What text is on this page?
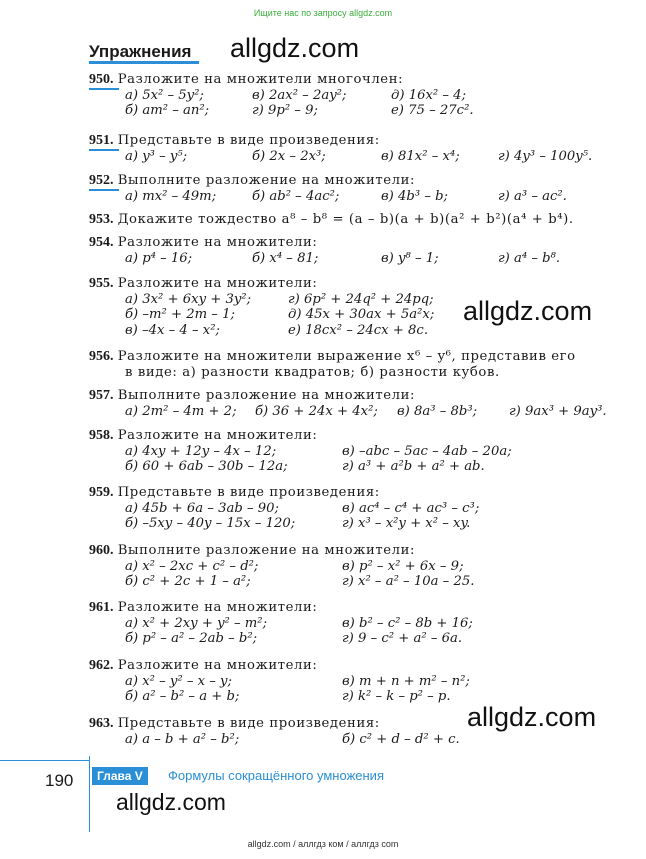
Ищите нас по запросу allgdz.com
Упражнения allgdz.com
allgdz.com
allgdz.com
allgdz.com
950. Разложите на множители многочлен:
а) 5x² – 5y²;	в) 2ax² – 2ay²;	д) 16x² – 4;
б) am² – an²;	г) 9p² – 9;	е) 75 – 27c².
951. Представьте в виде произведения:
а) y³ – y⁵;	б) 2x – 2x³;	в) 81x² – x⁴;	г) 4y³ – 100y⁵.
952. Выполните разложение на множители:
а) mx² – 49m;	б) ab² – 4ac²;	в) 4b³ – b;	г) a³ – ac².
953. Докажите тождество a⁸ – b⁸ = (a – b)(a + b)(a² + b²)(a⁴ + b⁴).
954. Разложите на множители:
а) p⁴ – 16;	б) x⁴ – 81;	в) y⁸ – 1;	г) a⁴ – b⁸.
955. Разложите на множители:
а) 3x² + 6xy + 3y²;	г) 6p² + 24q² + 24pq;
б) –m² + 2m – 1;	д) 45x + 30ax + 5a²x;
в) –4x – 4 – x²;	е) 18cx² – 24cx + 8c.
956. Разложите на множители выражение x⁶ – y⁶, представив его
в виде: а) разности квадратов; б) разности кубов.
957. Выполните разложение на множители:
а) 2m² – 4m + 2; б) 36 + 24x + 4x²; в) 8a³ – 8b³; г) 9ax³ + 9ay³.
958. Разложите на множители:
а) 4xy + 12y – 4x – 12;	в) –abc – 5ac – 4ab – 20a;
б) 60 + 6ab – 30b – 12a;	г) a³ + a²b + a² + ab.
959. Представьте в виде произведения:
а) 45b + 6a – 3ab – 90;	в) ac⁴ – c⁴ + ac³ – c³;
б) –5xy – 40y – 15x – 120;	г) x³ – x²y + x² – xy.
960. Выполните разложение на множители:
а) x² – 2xc + c² – d²;	в) p² – x² + 6x – 9;
б) c² + 2c + 1 – a²;	г) x² – a² – 10a – 25.
961. Разложите на множители:
а) x² + 2xy + y² – m²;	в) b² – c² – 8b + 16;
б) p² – a² – 2ab – b²;	г) 9 – c² + a² – 6a.
962. Разложите на множители:
а) x² – y² – x – y;	в) m + n + m² – n²;
б) a² – b² – a + b;	г) k² – k – p² – p.
963. Представьте в виде произведения:
а) a – b + a² – b²;	б) c² + d – d² + c.
190	Глава V	Формулы сокращённого умножения
allgdz.com / аллгдз ком / аллгдз com
